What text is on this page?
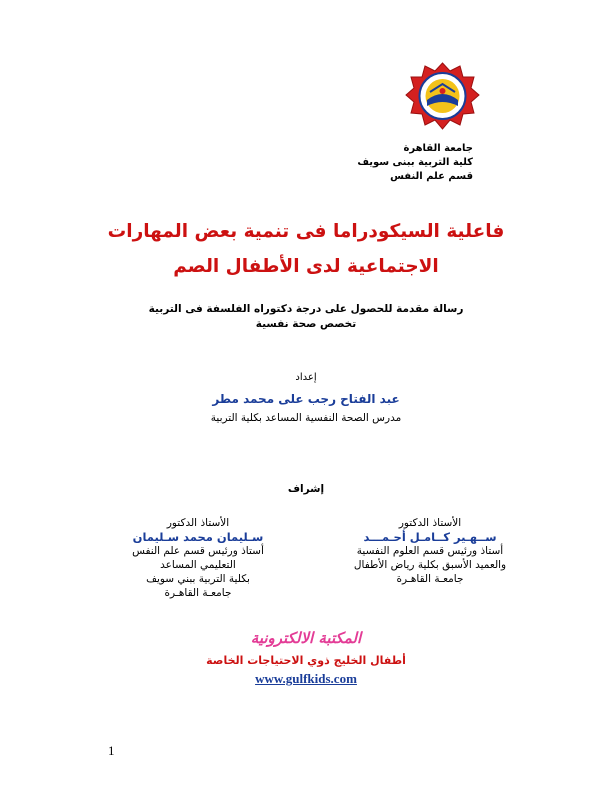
جامعة القاهرة
كلية التربية ببنى سويف
قسم علم النفس
فاعلية السيكودراما فى تنمية بعض المهارات
الاجتماعية لدى الأطفال الصم
رسالة مقدمة للحصول على درجة دكتوراه الفلسفة فى التربية
تخصص صحة نفسية
إعداد
عبد الفتاح رجب على محمد مطر
مدرس الصحة النفسية المساعد بكلية التربية
إشراف
الأستاذ الدكتور
ســهـير كــامـل أحـمـــد
أستاذ ورئيس قسم العلوم النفسية
والعميد الأسبق بكلية رياض الأطفال
جامعـة القاهـرة
الأستاذ الدكتور
سـليمان محمد سـليمان
أستاذ ورئيس قسم علم النفس
التعليمي المساعد
بكلية التربية ببني سويف
جامعـة القاهـرة
المكتبة الالكترونية
أطفال الخليج ذوي الاحتياجات الخاصة
www.gulfkids.com
1
